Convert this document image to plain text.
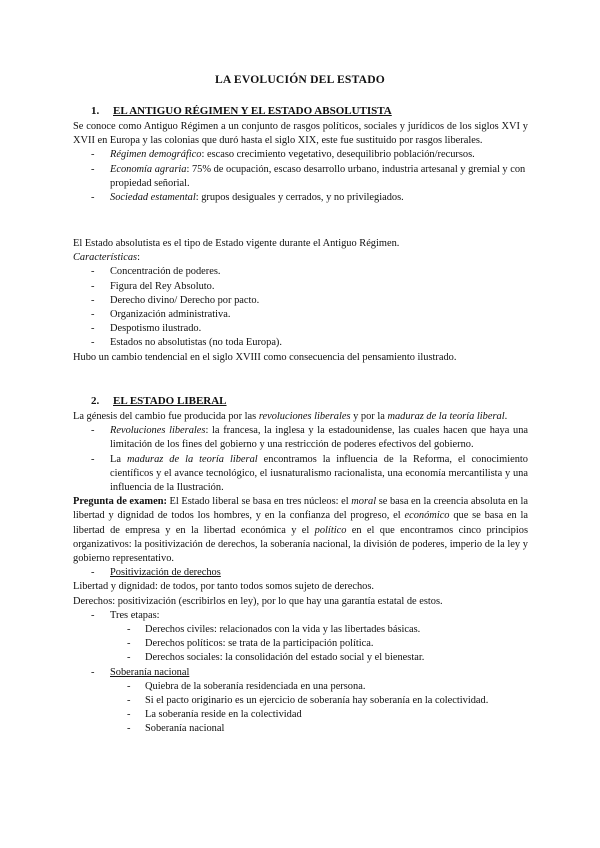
LA EVOLUCIÓN DEL ESTADO
1. EL ANTIGUO RÉGIMEN Y EL ESTADO ABSOLUTISTA

Se conoce como Antiguo Régimen a un conjunto de rasgos políticos, sociales y jurídicos de los siglos XVI y XVII en Europa y las colonias que duró hasta el siglo XIX, este fue sustituido por rasgos liberales.

- Régimen demográfico: escaso crecimiento vegetativo, desequilibrio población/recursos.
- Economía agraria: 75% de ocupación, escaso desarrollo urbano, industria artesanal y gremial y con propiedad señorial.
- Sociedad estamental: grupos desiguales y cerrados, y no privilegiados.

El Estado absolutista es el tipo de Estado vigente durante el Antiguo Régimen.

Características:

- Concentración de poderes.
- Figura del Rey Absoluto.
- Derecho divino/ Derecho por pacto.
- Organización administrativa.
- Despotismo ilustrado.
- Estados no absolutistas (no toda Europa).

Hubo un cambio tendencial en el siglo XVIII como consecuencia del pensamiento ilustrado.

2. EL ESTADO LIBERAL

La génesis del cambio fue producida por las revoluciones liberales y por la maduraz de la teoría liberal.

- Revoluciones liberales: la francesa, la inglesa y la estadounidense, las cuales hacen que haya una limitación de los fines del gobierno y una restricción de poderes efectivos del gobierno.
- La maduraz de la teoría liberal encontramos la influencia de la Reforma, el conocimiento científicos y el avance tecnológico, el iusnaturalismo racionalista, una economía mercantilista y una influencia de la Ilustración.

Pregunta de examen: El Estado liberal se basa en tres núcleos: el moral se basa en la creencia absoluta en la libertad y dignidad de todos los hombres, y en la confianza del progreso, el económico que se basa en la libertad de empresa y en la libertad económica y el político en el que encontramos cinco principios organizativos: la positivización de derechos, la soberanía nacional, la división de poderes, imperio de la ley y gobierno representativo.

- Positivización de derechos

Libertad y dignidad: de todos, por tanto todos somos sujeto de derechos.

Derechos: positivización (escribirlos en ley), por lo que hay una garantía estatal de estos.

- Tres etapas:
- Derechos civiles: relacionados con la vida y las libertades básicas.
- Derechos políticos: se trata de la participación política.
- Derechos sociales: la consolidación del estado social y el bienestar.
- Soberanía nacional
- Quiebra de la soberanía residenciada en una persona.
- Si el pacto originario es un ejercicio de soberanía hay soberanía en la colectividad.
- La soberanía reside en la colectividad
- Soberanía nacional
